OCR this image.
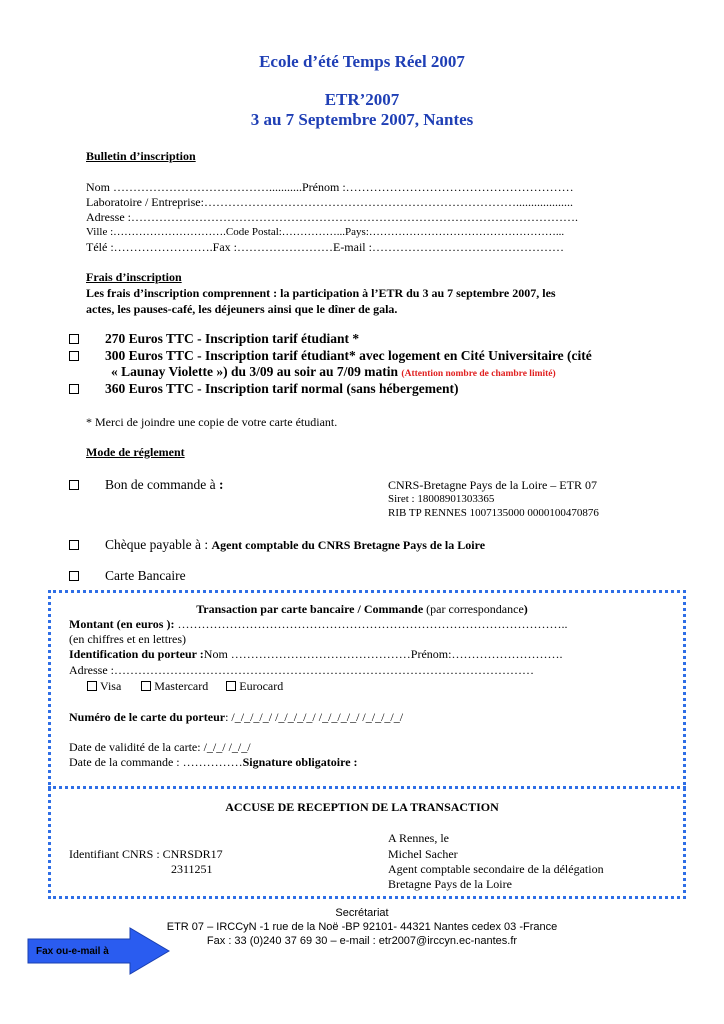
Ecole d’été Temps Réel 2007
ETR’2007
3 au 7 Septembre 2007, Nantes
Bulletin d’inscription
Nom …………………………………...........Prénom :…………………………………………………
Laboratoire / Entreprise:……………………………………………………………………...................
Adresse :………………………………………………………………………………………………….
Ville :………………………….Code Postal:……………...Pays:……………………………………………...
Télé :…………………….Fax :……………………E-mail :…………………………………………
Frais d’inscription
Les frais d’inscription comprennent : la participation à l’ETR du 3 au 7 septembre 2007, les
actes, les pauses-café, les déjeuners ainsi que le dîner de gala.
270 Euros TTC - Inscription tarif étudiant *
300 Euros TTC - Inscription tarif étudiant* avec logement en Cité Universitaire (cité
« Launay Violette ») du 3/09 au soir au 7/09 matin (Attention nombre de chambre limité)
360 Euros TTC - Inscription tarif normal (sans hébergement)
* Merci de joindre une copie de votre carte étudiant.
Mode de réglement
Bon de commande à :	CNRS-Bretagne Pays de la Loire – ETR 07
Siret : 18008901303365
RIB TP RENNES 1007135000 0000100470876
Chèque payable à : Agent comptable du CNRS Bretagne Pays de la Loire
Carte Bancaire
Transaction par carte bancaire / Commande (par correspondance)
Montant (en euros ): ……………………………………………………………………………………..
(en chiffres et en lettres)
Identification du porteur :Nom ………………………………………Prénom:……………………….
Adresse :……………………………………………………………………………………………
Visa	Mastercard	Eurocard
Numéro de le carte du porteur: /_/_/_/_/ /_/_/_/_/ /_/_/_/_/ /_/_/_/_/
Date de validité de la carte: /_/_/ /_/_/
Date de la commande : ……………Signature obligatoire :
ACCUSE DE RECEPTION DE LA TRANSACTION
A Rennes, le
Identifiant CNRS : CNRSDR17	Michel Sacher
2311251	Agent comptable secondaire de la délégation
Bretagne Pays de la Loire
Secrétariat
ETR 07 – IRCCyN -1 rue de la Noë -BP 92101- 44321 Nantes cedex 03 -France
Fax : 33 (0)240 37 69 30 – e-mail : etr2007@irccyn.ec-nantes.fr
Fax ou-e-mail à
